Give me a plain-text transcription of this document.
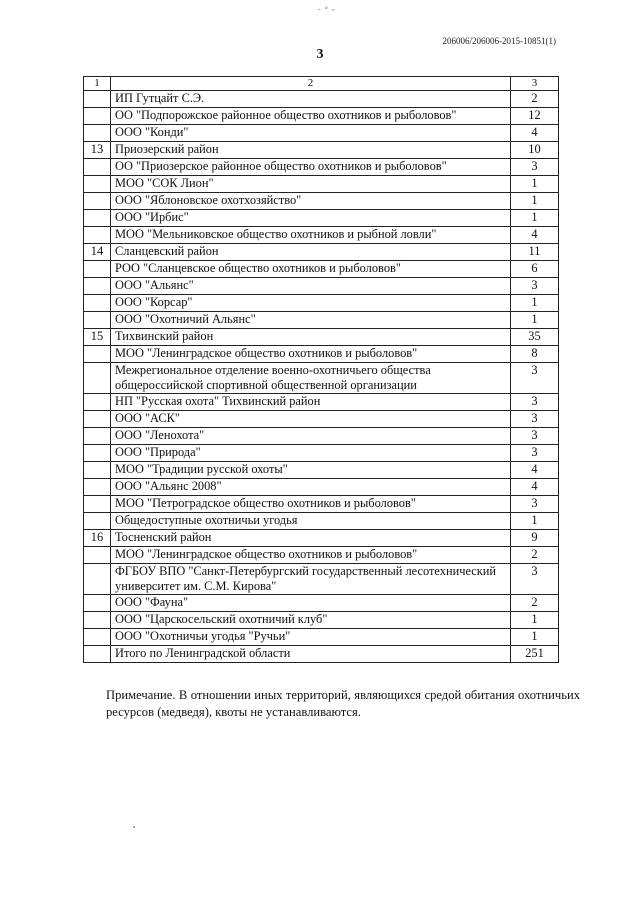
- ° -
206006/206006-2015-10851(1)
3
1	2	3
	ИП Гутцайт С.Э.	2
	ОО "Подпорожское районное общество охотников и рыболовов"	12
	ООО "Конди"	4
13	Приозерский район	10
	ОО "Приозерское районное общество охотников и рыболовов"	3
	МОО "СОК Лион"	1
	ООО "Яблоновское охотхозяйство"	1
	ООО "Ирбис"	1
	МОО "Мельниковское общество охотников и рыбной ловли"	4
14	Сланцевский район	11
	РОО "Сланцевское общество охотников и рыболовов"	6
	ООО "Альянс"	3
	ООО "Корсар"	1
	ООО "Охотничий Альянс"	1
15	Тихвинский район	35
	МОО "Ленинградское общество охотников и рыболовов"	8
	Межрегиональное отделение военно-охотничьего общества общероссийской спортивной общественной организации	3
	НП "Русская охота" Тихвинский район	3
	ООО "АСК"	3
	ООО "Ленохота"	3
	ООО "Природа"	3
	МОО "Традиции русской охоты"	4
	ООО "Альянс 2008"	4
	МОО "Петроградское общество охотников и рыболовов"	3
	Общедоступные охотничьи угодья	1
16	Тосненский район	9
	МОО "Ленинградское общество охотников и рыболовов"	2
	ФГБОУ ВПО "Санкт-Петербургский государственный лесотехнический университет им. С.М. Кирова"	3
	ООО "Фауна"	2
	ООО "Царскосельский охотничий клуб"	1
	ООО "Охотничьи угодья "Ручьи"	1
	Итого по Ленинградской области	251
Примечание. В отношении иных территорий, являющихся средой обитания охотничьих ресурсов (медведя), квоты не устанавливаются.
